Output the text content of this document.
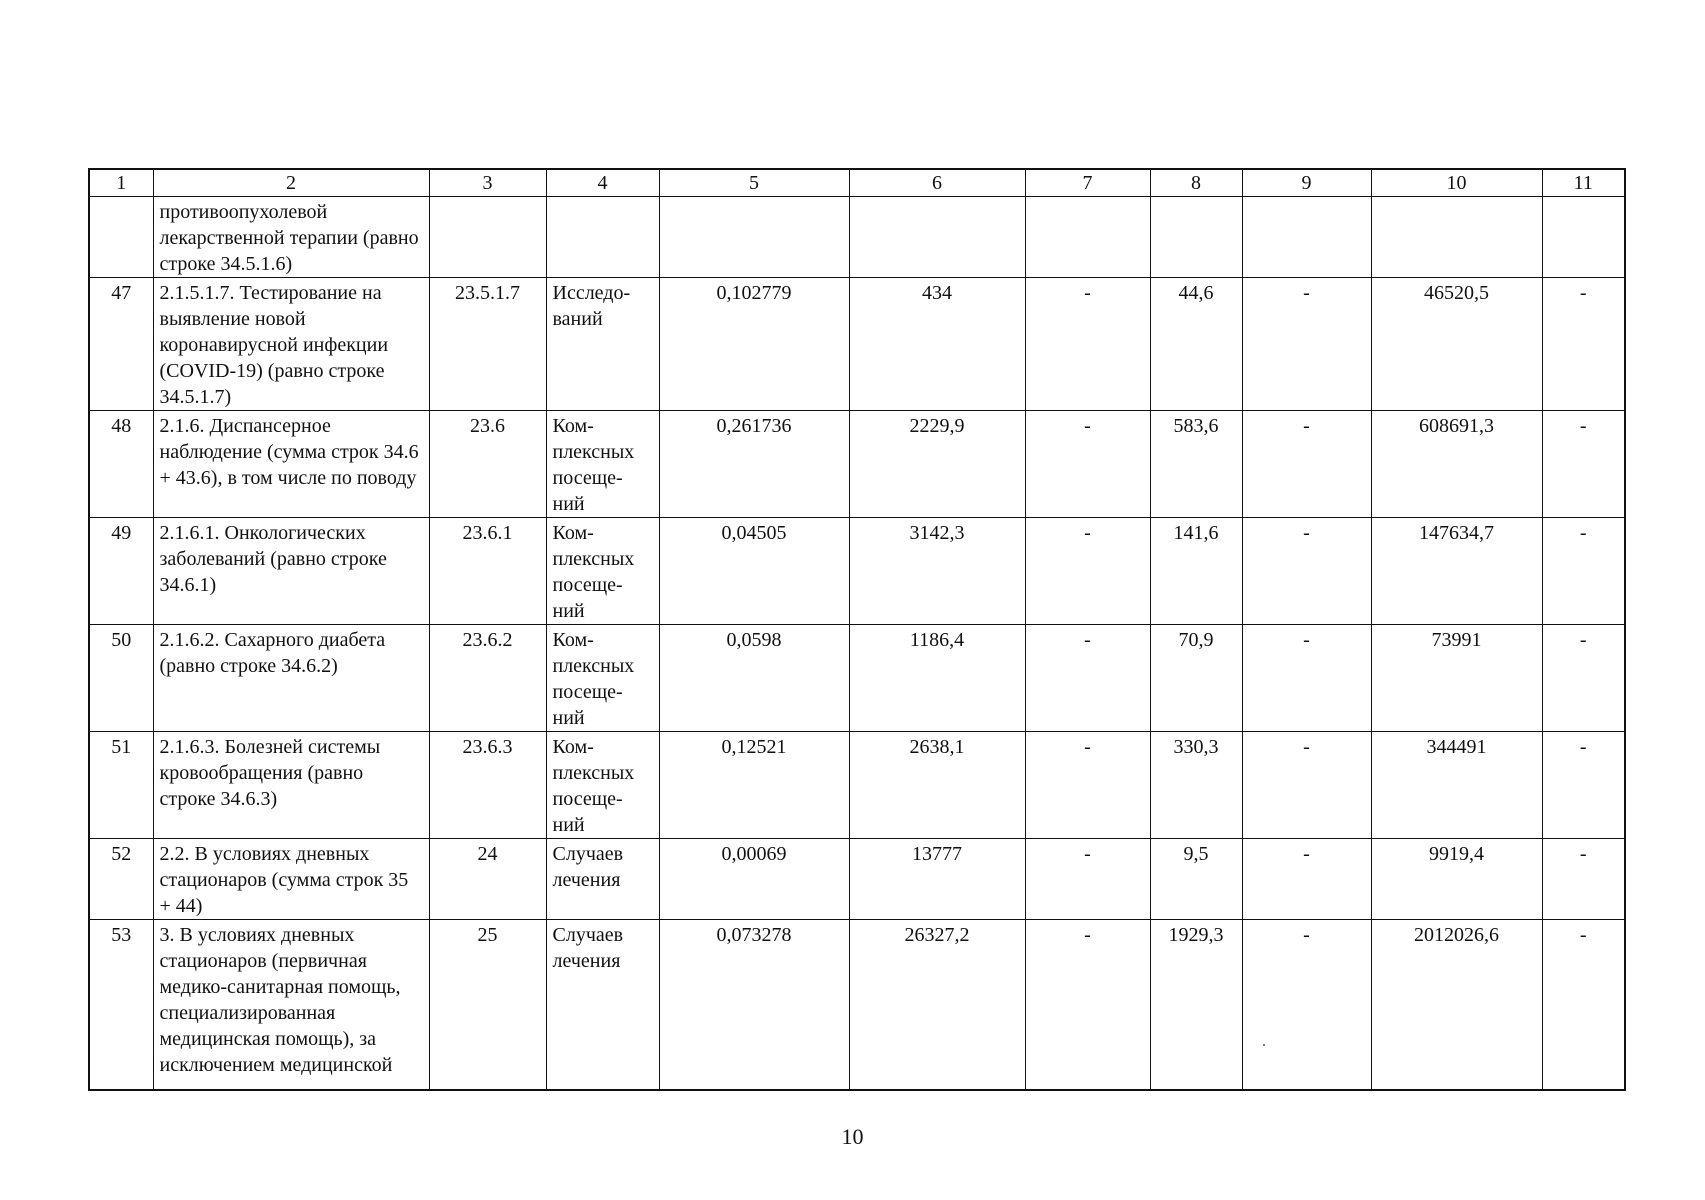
1	2	3	4	5	6	7	8	9	10	11
	противоопухолевой лекарственной терапии (равно строке 34.5.1.6)									
47	2.1.5.1.7. Тестирование на выявление новой коронавирусной инфекции (COVID-19) (равно строке 34.5.1.7)	23.5.1.7	Исследо-ваний	0,102779	434	-	44,6	-	46520,5	-
48	2.1.6. Диспансерное наблюдение (сумма строк 34.6 + 43.6), в том числе по поводу	23.6	Ком-плексных посеще-ний	0,261736	2229,9	-	583,6	-	608691,3	-
49	2.1.6.1. Онкологических заболеваний (равно строке 34.6.1)	23.6.1	Ком-плексных посеще-ний	0,04505	3142,3	-	141,6	-	147634,7	-
50	2.1.6.2. Сахарного диабета (равно строке 34.6.2)	23.6.2	Ком-плексных посеще-ний	0,0598	1186,4	-	70,9	-	73991	-
51	2.1.6.3. Болезней системы кровообращения (равно строке 34.6.3)	23.6.3	Ком-плексных посеще-ний	0,12521	2638,1	-	330,3	-	344491	-
52	2.2. В условиях дневных стационаров (сумма строк 35 + 44)	24	Случаев лечения	0,00069	13777	-	9,5	-	9919,4	-
53	3. В условиях дневных стационаров (первичная медико-санитарная помощь, специализированная медицинская помощь), за исключением медицинской	25	Случаев лечения	0,073278	26327,2	-	1929,3	-	2012026,6	-
10
